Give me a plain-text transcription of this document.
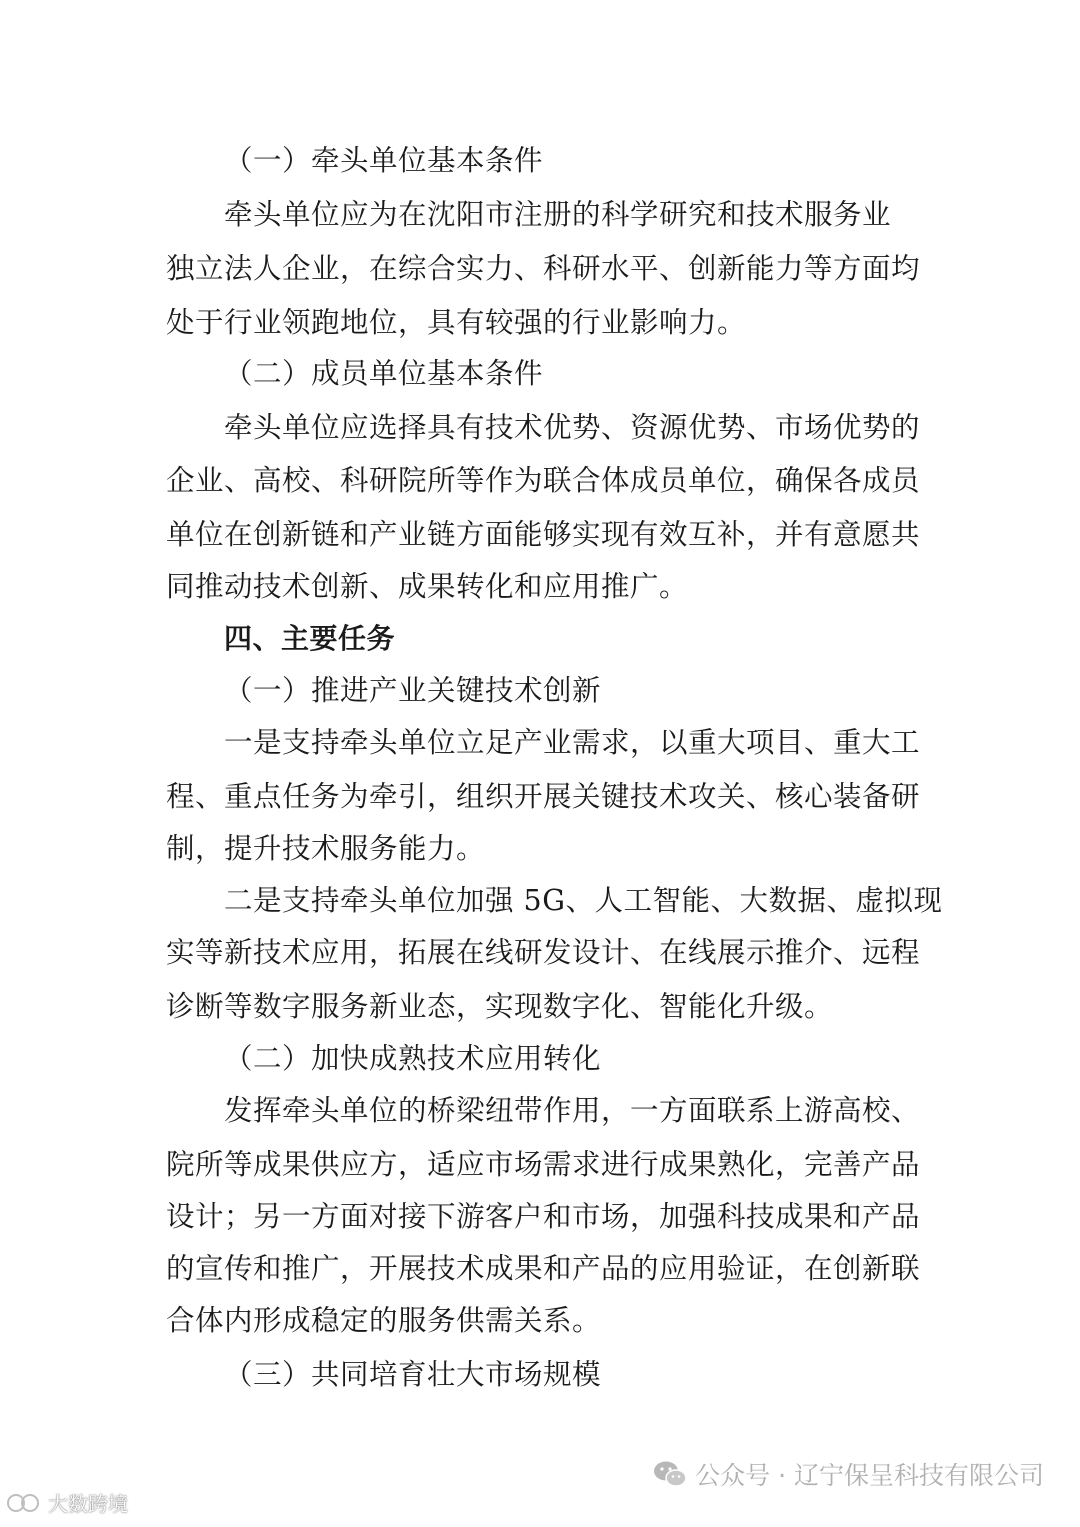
（一）牵头单位基本条件
牵头单位应为在沈阳市注册的科学研究和技术服务业
独立法人企业，在综合实力、科研水平、创新能力等方面均
处于行业领跑地位，具有较强的行业影响力。
（二）成员单位基本条件
牵头单位应选择具有技术优势、资源优势、市场优势的
企业、高校、科研院所等作为联合体成员单位，确保各成员
单位在创新链和产业链方面能够实现有效互补，并有意愿共
同推动技术创新、成果转化和应用推广。
四、主要任务
（一）推进产业关键技术创新
一是支持牵头单位立足产业需求，以重大项目、重大工
程、重点任务为牵引，组织开展关键技术攻关、核心装备研
制，提升技术服务能力。
二是支持牵头单位加强 5G、人工智能、大数据、虚拟现
实等新技术应用，拓展在线研发设计、在线展示推介、远程
诊断等数字服务新业态，实现数字化、智能化升级。
（二）加快成熟技术应用转化
发挥牵头单位的桥梁纽带作用，一方面联系上游高校、
院所等成果供应方，适应市场需求进行成果熟化，完善产品
设计；另一方面对接下游客户和市场，加强科技成果和产品
的宣传和推广，开展技术成果和产品的应用验证，在创新联
合体内形成稳定的服务供需关系。
（三）共同培育壮大市场规模
公众号 · 辽宁保呈科技有限公司
大数跨境
